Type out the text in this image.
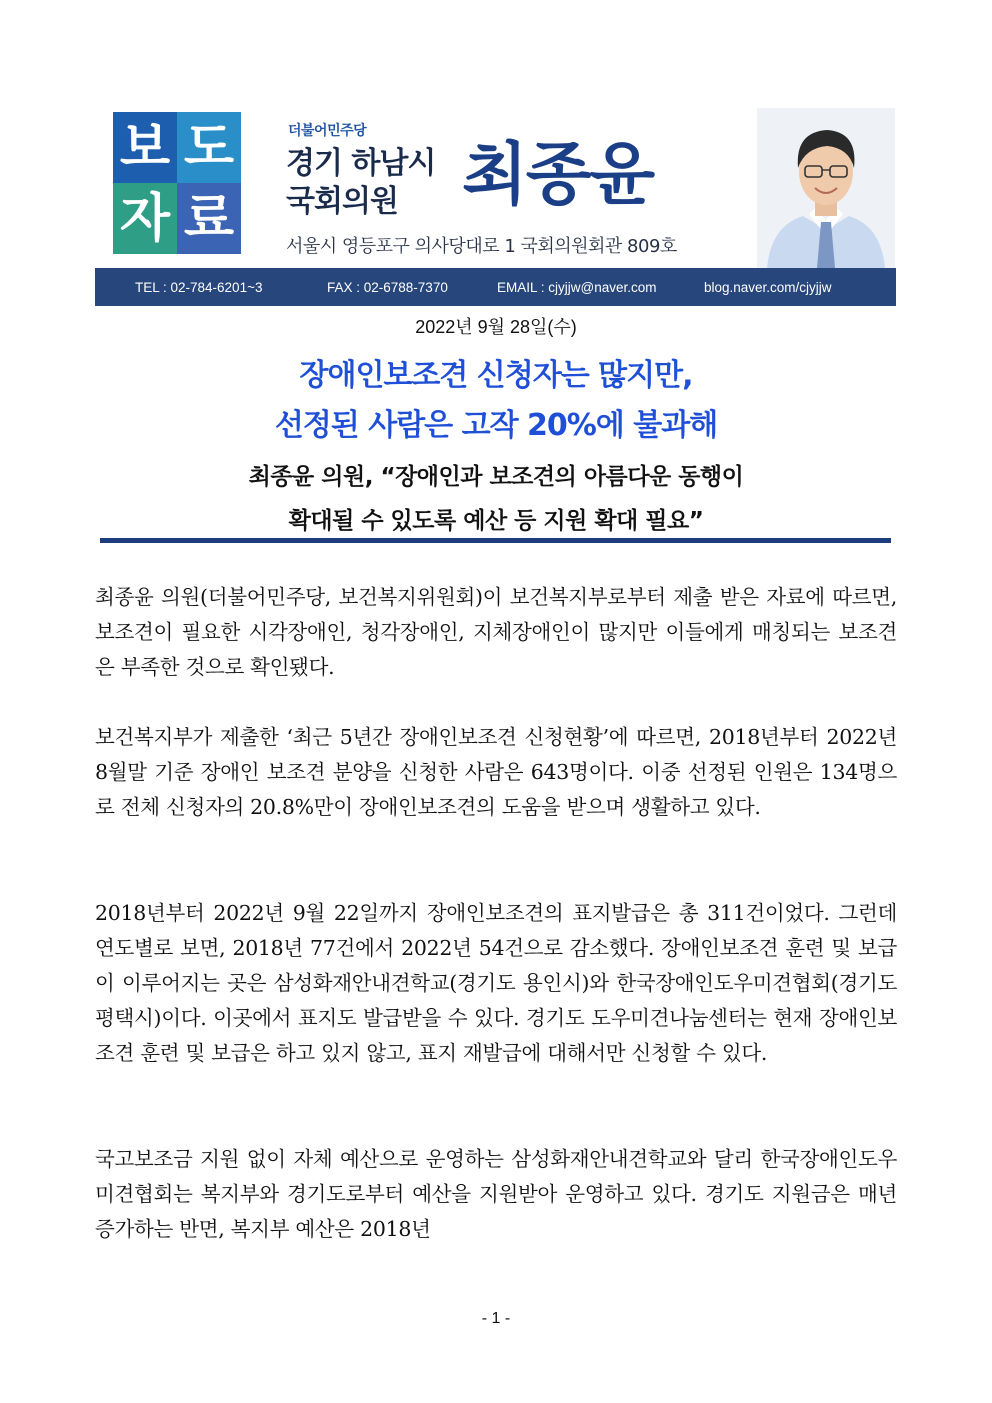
보 도
자 료
더불어민주당
경기 하남시
국회의원 최종윤
서울시 영등포구 의사당대로 1 국회의원회관 809호
TEL : 02-784-6201~3	FAX : 02-6788-7370	EMAIL : cjyjjw@naver.com	blog.naver.com/cjyjjw
2022년 9월 28일(수)
장애인보조견 신청자는 많지만,
선정된 사람은 고작 20%에 불과해
최종윤 의원, “장애인과 보조견의 아름다운 동행이
확대될 수 있도록 예산 등 지원 확대 필요”

최종윤 의원(더불어민주당, 보건복지위원회)이 보건복지부로부터 제출 받은 자료에 따르면, 보조견이 필요한 시각장애인, 청각장애인, 지체장애인이 많지만 이들에게 매칭되는 보조견은 부족한 것으로 확인됐다.

보건복지부가 제출한 ‘최근 5년간 장애인보조견 신청현황’에 따르면, 2018년부터 2022년 8월말 기준 장애인 보조견 분양을 신청한 사람은 643명이다. 이중 선정된 인원은 134명으로 전체 신청자의 20.8%만이 장애인보조견의 도움을 받으며 생활하고 있다.

2018년부터 2022년 9월 22일까지 장애인보조견의 표지발급은 총 311건이었다. 그런데 연도별로 보면, 2018년 77건에서 2022년 54건으로 감소했다. 장애인보조견 훈련 및 보급이 이루어지는 곳은 삼성화재안내견학교(경기도 용인시)와 한국장애인도우미견협회(경기도 평택시)이다. 이곳에서 표지도 발급받을 수 있다. 경기도 도우미견나눔센터는 현재 장애인보조견 훈련 및 보급은 하고 있지 않고, 표지 재발급에 대해서만 신청할 수 있다.

국고보조금 지원 없이 자체 예산으로 운영하는 삼성화재안내견학교와 달리 한국장애인도우미견협회는 복지부와 경기도로부터 예산을 지원받아 운영하고 있다. 경기도 지원금은 매년 증가하는 반면, 복지부 예산은 2018년

- 1 -
